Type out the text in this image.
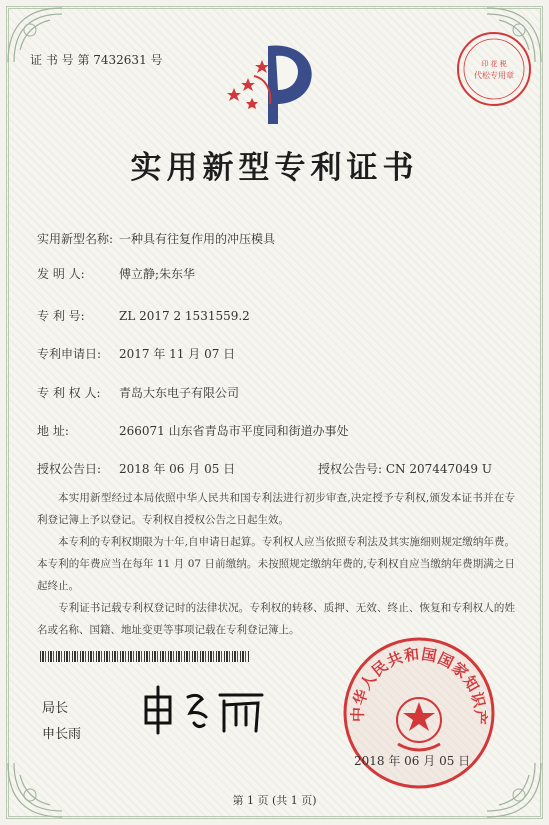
证 书 号 第 7432631 号	印 花 税
代松专用章
实用新型专利证书
实用新型名称: 一种具有往复作用的冲压模具
发 明 人:	傅立静;朱东华
专 利 号:	ZL 2017 2 1531559.2
专利申请日: 2017 年 11 月 07 日
专 利 权 人: 青岛大东电子有限公司
地 址:	266071 山东省青岛市平度同和街道办事处
授权公告日: 2018 年 06 月 05 日	授权公告号: CN 207447049 U

本实用新型经过本局依照中华人民共和国专利法进行初步审查,决定授予专利权,颁发本证书并在专利登记簿上予以登记。专利权自授权公告之日起生效。

本专利的专利权期限为十年,自申请日起算。专利权人应当依照专利法及其实施细则规定缴纳年费。本专利的年费应当在每年 11 月 07 日前缴纳。未按照规定缴纳年费的,专利权自应当缴纳年费期满之日起终止。

专利证书记载专利权登记时的法律状况。专利权的转移、质押、无效、终止、恢复和专利权人的姓名或名称、国籍、地址变更等事项记载在专利登记簿上。

局长
申长雨
中华人民共和国国家知识产
2018 年 06 月 05 日
第 1 页 (共 1 页)
